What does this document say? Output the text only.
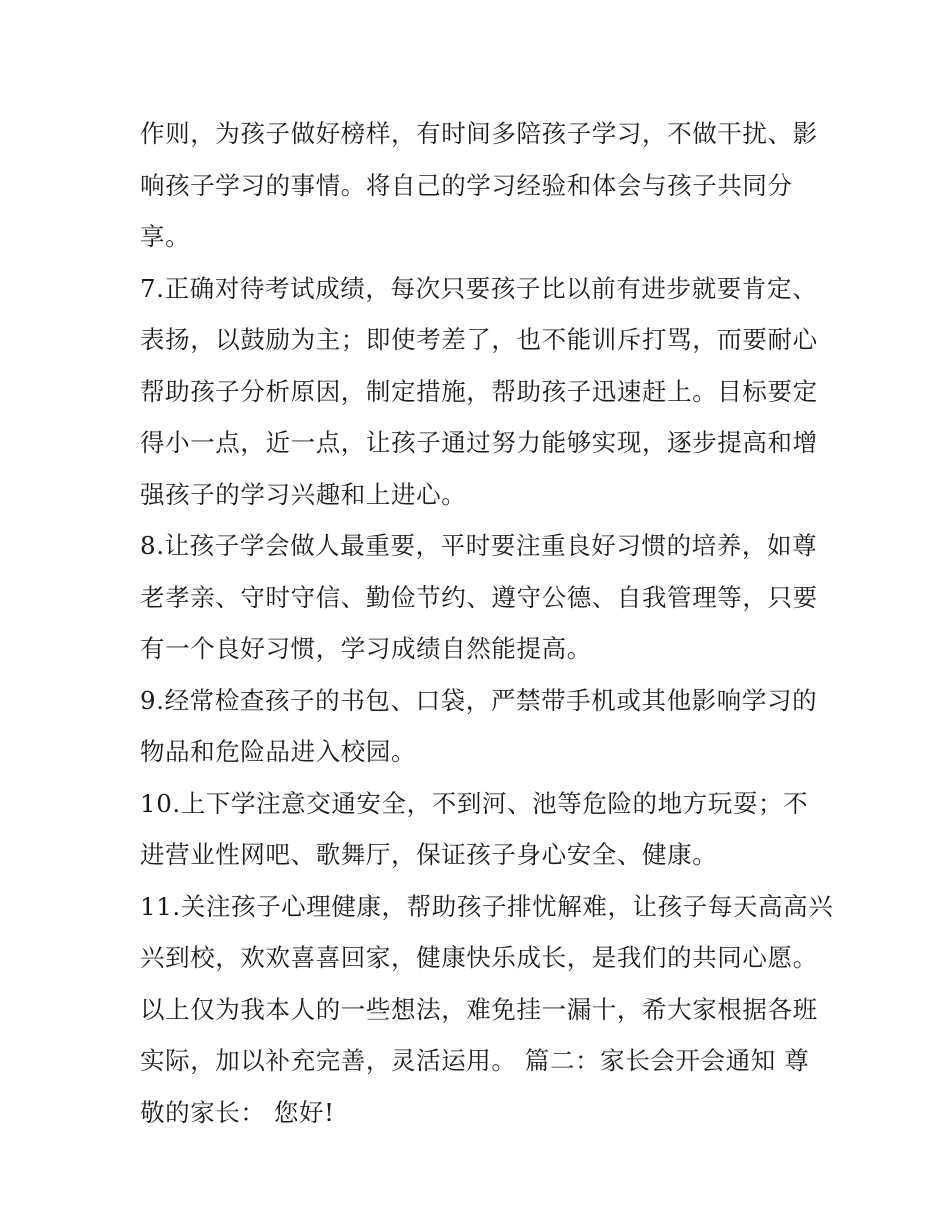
作则，为孩子做好榜样，有时间多陪孩子学习，不做干扰、影
响孩子学习的事情。将自己的学习经验和体会与孩子共同分
享。
7.正确对待考试成绩，每次只要孩子比以前有进步就要肯定、
表扬，以鼓励为主；即使考差了，也不能训斥打骂，而要耐心
帮助孩子分析原因，制定措施，帮助孩子迅速赶上。目标要定
得小一点，近一点，让孩子通过努力能够实现，逐步提高和增
强孩子的学习兴趣和上进心。
8.让孩子学会做人最重要，平时要注重良好习惯的培养，如尊
老孝亲、守时守信、勤俭节约、遵守公德、自我管理等，只要
有一个良好习惯，学习成绩自然能提高。
9.经常检查孩子的书包、口袋，严禁带手机或其他影响学习的
物品和危险品进入校园。
10.上下学注意交通安全，不到河、池等危险的地方玩耍；不
进营业性网吧、歌舞厅，保证孩子身心安全、健康。
11.关注孩子心理健康，帮助孩子排忧解难，让孩子每天高高兴
兴到校，欢欢喜喜回家，健康快乐成长，是我们的共同心愿。
以上仅为我本人的一些想法，难免挂一漏十，希大家根据各班
实际，加以补充完善，灵活运用。 篇二：家长会开会通知 尊
敬的家长： 您好!
